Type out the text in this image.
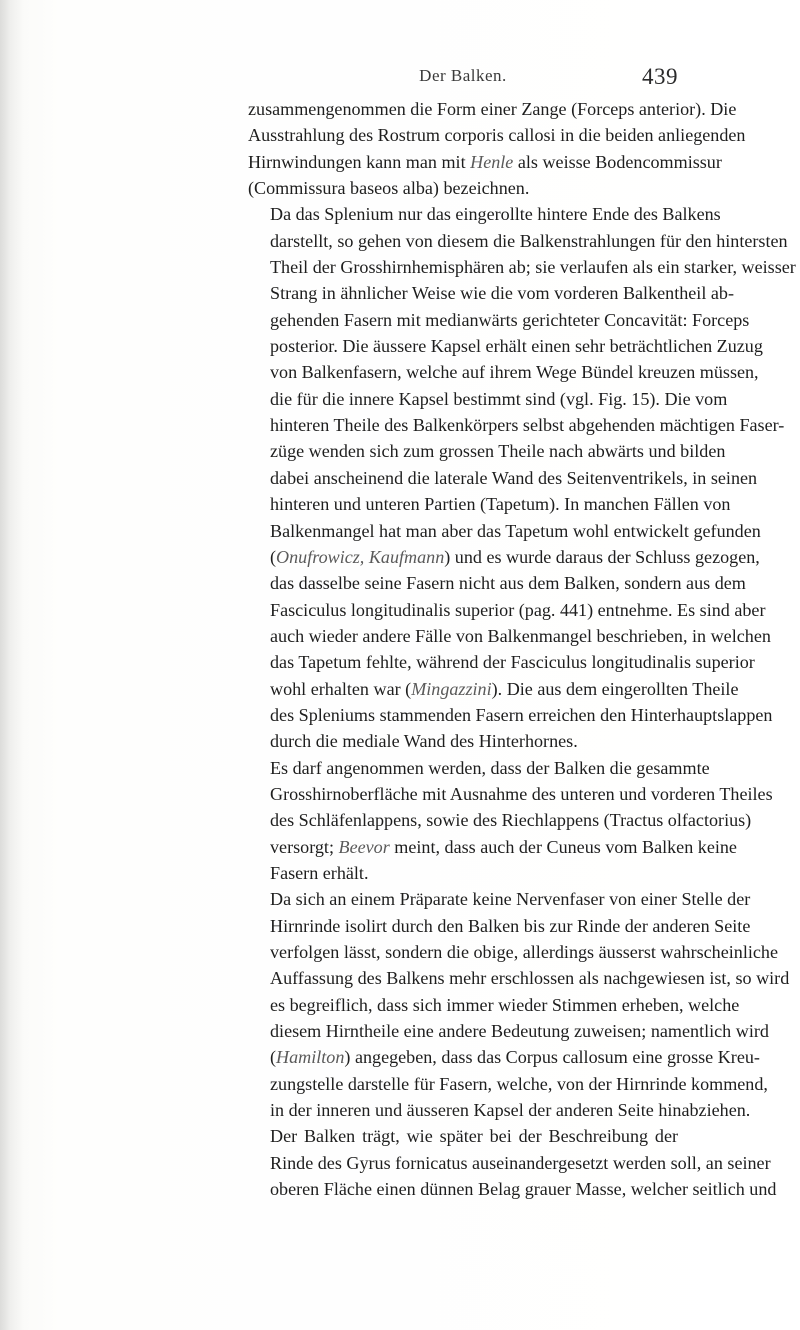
Der Balken.	439

zusammengenommen die Form einer Zange (Forceps anterior). Die
Ausstrahlung des Rostrum corporis callosi in die beiden anliegenden
Hirnwindungen kann man mit Henle als weisse Bodencommissur
(Commissura baseos alba) bezeichnen.

Da das Splenium nur das eingerollte hintere Ende des Balkens
darstellt, so gehen von diesem die Balkenstrahlungen für den hintersten
Theil der Grosshirnhemisphären ab; sie verlaufen als ein starker, weisser
Strang in ähnlicher Weise wie die vom vorderen Balkentheil ab-
gehenden Fasern mit medianwärts gerichteter Concavität: Forceps
posterior. Die äussere Kapsel erhält einen sehr beträchtlichen Zuzug
von Balkenfasern, welche auf ihrem Wege Bündel kreuzen müssen,
die für die innere Kapsel bestimmt sind (vgl. Fig. 15). Die vom
hinteren Theile des Balkenkörpers selbst abgehenden mächtigen Faser-
züge wenden sich zum grossen Theile nach abwärts und bilden
dabei anscheinend die laterale Wand des Seitenventrikels, in seinen
hinteren und unteren Partien (Tapetum). In manchen Fällen von
Balkenmangel hat man aber das Tapetum wohl entwickelt gefunden
(Onufrowicz, Kaufmann) und es wurde daraus der Schluss gezogen,
das dasselbe seine Fasern nicht aus dem Balken, sondern aus dem
Fasciculus longitudinalis superior (pag. 441) entnehme. Es sind aber
auch wieder andere Fälle von Balkenmangel beschrieben, in welchen
das Tapetum fehlte, während der Fasciculus longitudinalis superior
wohl erhalten war (Mingazzini). Die aus dem eingerollten Theile
des Spleniums stammenden Fasern erreichen den Hinterhauptslappen
durch die mediale Wand des Hinterhornes.

Es darf angenommen werden, dass der Balken die gesammte
Grosshirnoberfläche mit Ausnahme des unteren und vorderen Theiles
des Schläfenlappens, sowie des Riechlappens (Tractus olfactorius)
versorgt; Beevor meint, dass auch der Cuneus vom Balken keine
Fasern erhält.

Da sich an einem Präparate keine Nervenfaser von einer Stelle der
Hirnrinde isolirt durch den Balken bis zur Rinde der anderen Seite
verfolgen lässt, sondern die obige, allerdings äusserst wahrscheinliche
Auffassung des Balkens mehr erschlossen als nachgewiesen ist, so wird
es begreiflich, dass sich immer wieder Stimmen erheben, welche
diesem Hirntheile eine andere Bedeutung zuweisen; namentlich wird
(Hamilton) angegeben, dass das Corpus callosum eine grosse Kreu-
zungstelle darstelle für Fasern, welche, von der Hirnrinde kommend,
in der inneren und äusseren Kapsel der anderen Seite hinabziehen.

Der Balken trägt, wie später bei der Beschreibung der
Rinde des Gyrus fornicatus auseinandergesetzt werden soll, an seiner
oberen Fläche einen dünnen Belag grauer Masse, welcher seitlich und
